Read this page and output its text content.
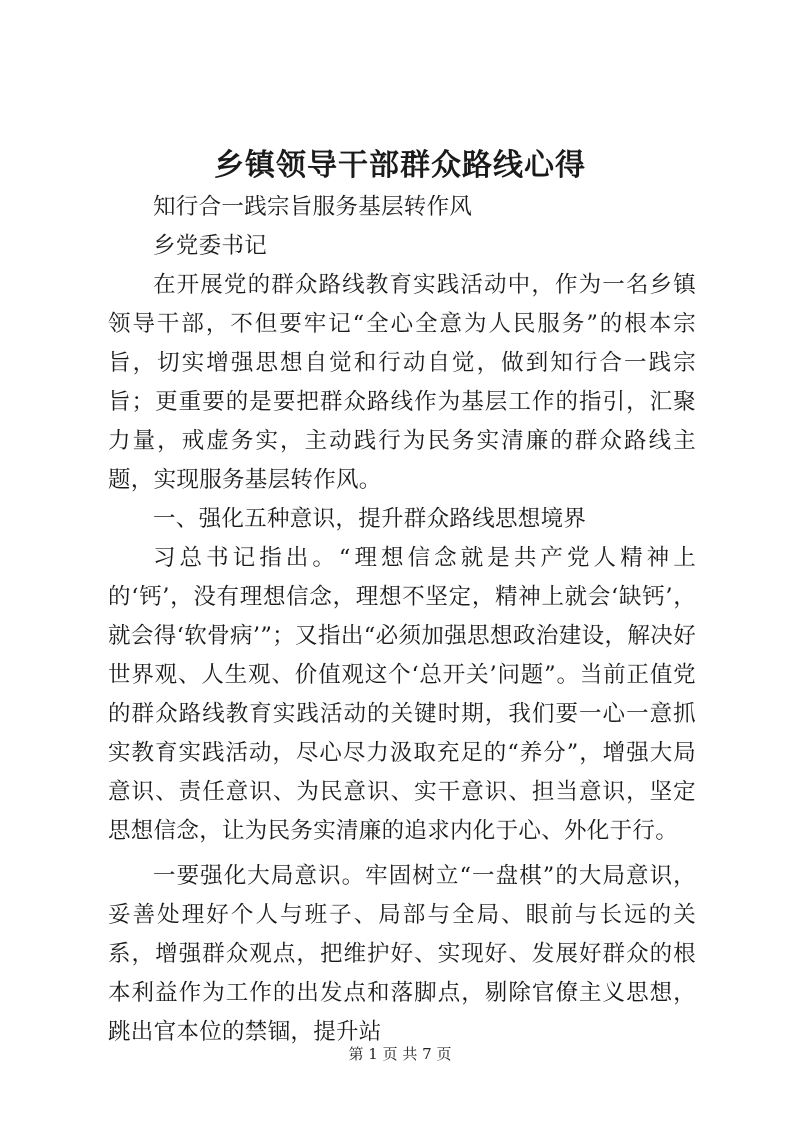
乡镇领导干部群众路线心得

知行合一践宗旨服务基层转作风

乡党委书记

在开展党的群众路线教育实践活动中，作为一名乡镇领导干部，不但要牢记“全心全意为人民服务”的根本宗旨，切实增强思想自觉和行动自觉，做到知行合一践宗旨；更重要的是要把群众路线作为基层工作的指引，汇聚力量，戒虚务实，主动践行为民务实清廉的群众路线主题，实现服务基层转作风。

一、强化五种意识，提升群众路线思想境界

习总书记指出。“理想信念就是共产党人精神上的‘钙’，没有理想信念，理想不坚定，精神上就会‘缺钙’，就会得‘软骨病’”；又指出“必须加强思想政治建设，解决好世界观、人生观、价值观这个‘总开关’问题”。当前正值党的群众路线教育实践活动的关键时期，我们要一心一意抓实教育实践活动，尽心尽力汲取充足的“养分”，增强大局意识、责任意识、为民意识、实干意识、担当意识，坚定思想信念，让为民务实清廉的追求内化于心、外化于行。

一要强化大局意识。牢固树立“一盘棋”的大局意识，妥善处理好个人与班子、局部与全局、眼前与长远的关系，增强群众观点，把维护好、实现好、发展好群众的根本利益作为工作的出发点和落脚点，剔除官僚主义思想，跳出官本位的禁锢，提升站

第 1 页 共 7 页
